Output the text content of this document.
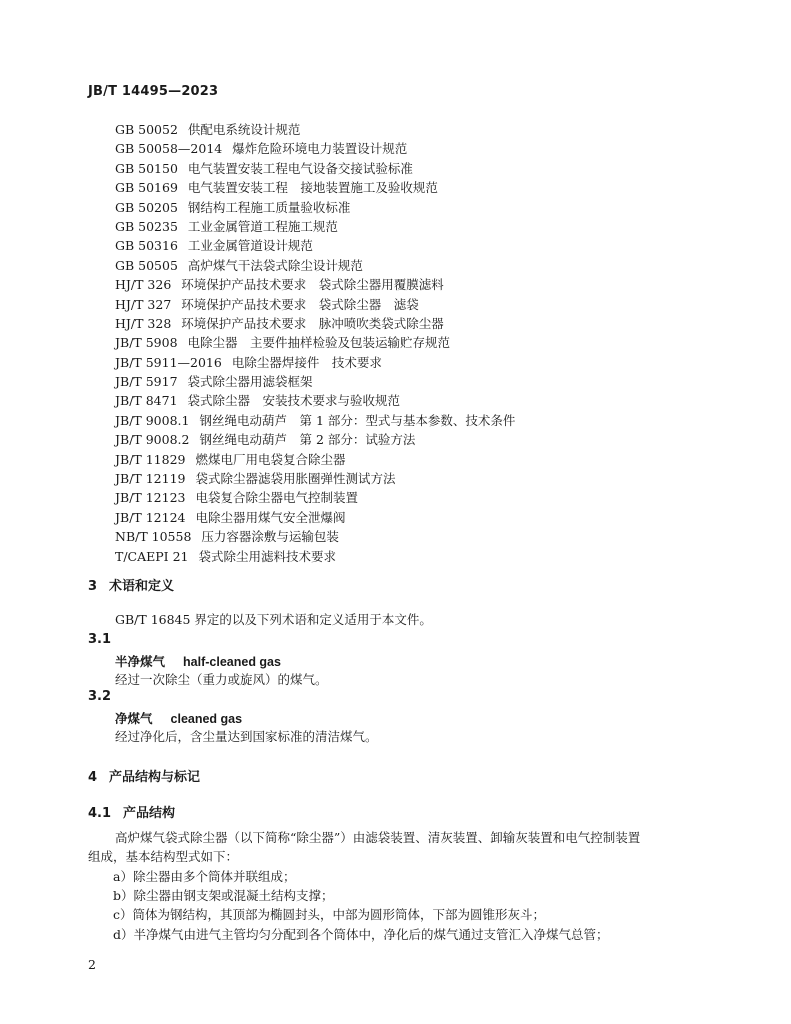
JB/T 14495—2023
GB 50052 供配电系统设计规范
GB 50058—2014 爆炸危险环境电力装置设计规范
GB 50150 电气装置安装工程电气设备交接试验标准
GB 50169 电气装置安装工程　接地装置施工及验收规范
GB 50205 钢结构工程施工质量验收标准
GB 50235 工业金属管道工程施工规范
GB 50316 工业金属管道设计规范
GB 50505 高炉煤气干法袋式除尘设计规范
HJ/T 326 环境保护产品技术要求　袋式除尘器用覆膜滤料
HJ/T 327 环境保护产品技术要求　袋式除尘器　滤袋
HJ/T 328 环境保护产品技术要求　脉冲喷吹类袋式除尘器
JB/T 5908 电除尘器　主要件抽样检验及包装运输贮存规范
JB/T 5911—2016 电除尘器焊接件　技术要求
JB/T 5917 袋式除尘器用滤袋框架
JB/T 8471 袋式除尘器　安装技术要求与验收规范
JB/T 9008.1 钢丝绳电动葫芦　第 1 部分：型式与基本参数、技术条件
JB/T 9008.2 钢丝绳电动葫芦　第 2 部分：试验方法
JB/T 11829 燃煤电厂用电袋复合除尘器
JB/T 12119 袋式除尘器滤袋用胀圈弹性测试方法
JB/T 12123 电袋复合除尘器电气控制装置
JB/T 12124 电除尘器用煤气安全泄爆阀
NB/T 10558 压力容器涂敷与运输包装
T/CAEPI 21 袋式除尘用滤料技术要求
3 术语和定义
GB/T 16845 界定的以及下列术语和定义适用于本文件。
3.1
半净煤气 half-cleaned gas
经过一次除尘（重力或旋风）的煤气。
3.2
净煤气 cleaned gas
经过净化后，含尘量达到国家标准的清洁煤气。
4 产品结构与标记
4.1 产品结构
高炉煤气袋式除尘器（以下简称“除尘器”）由滤袋装置、清灰装置、卸输灰装置和电气控制装置
组成，基本结构型式如下：
a）除尘器由多个筒体并联组成；
b）除尘器由钢支架或混凝土结构支撑；
c）筒体为钢结构，其顶部为椭圆封头，中部为圆形筒体，下部为圆锥形灰斗；
d）半净煤气由进气主管均匀分配到各个筒体中，净化后的煤气通过支管汇入净煤气总管；
2
